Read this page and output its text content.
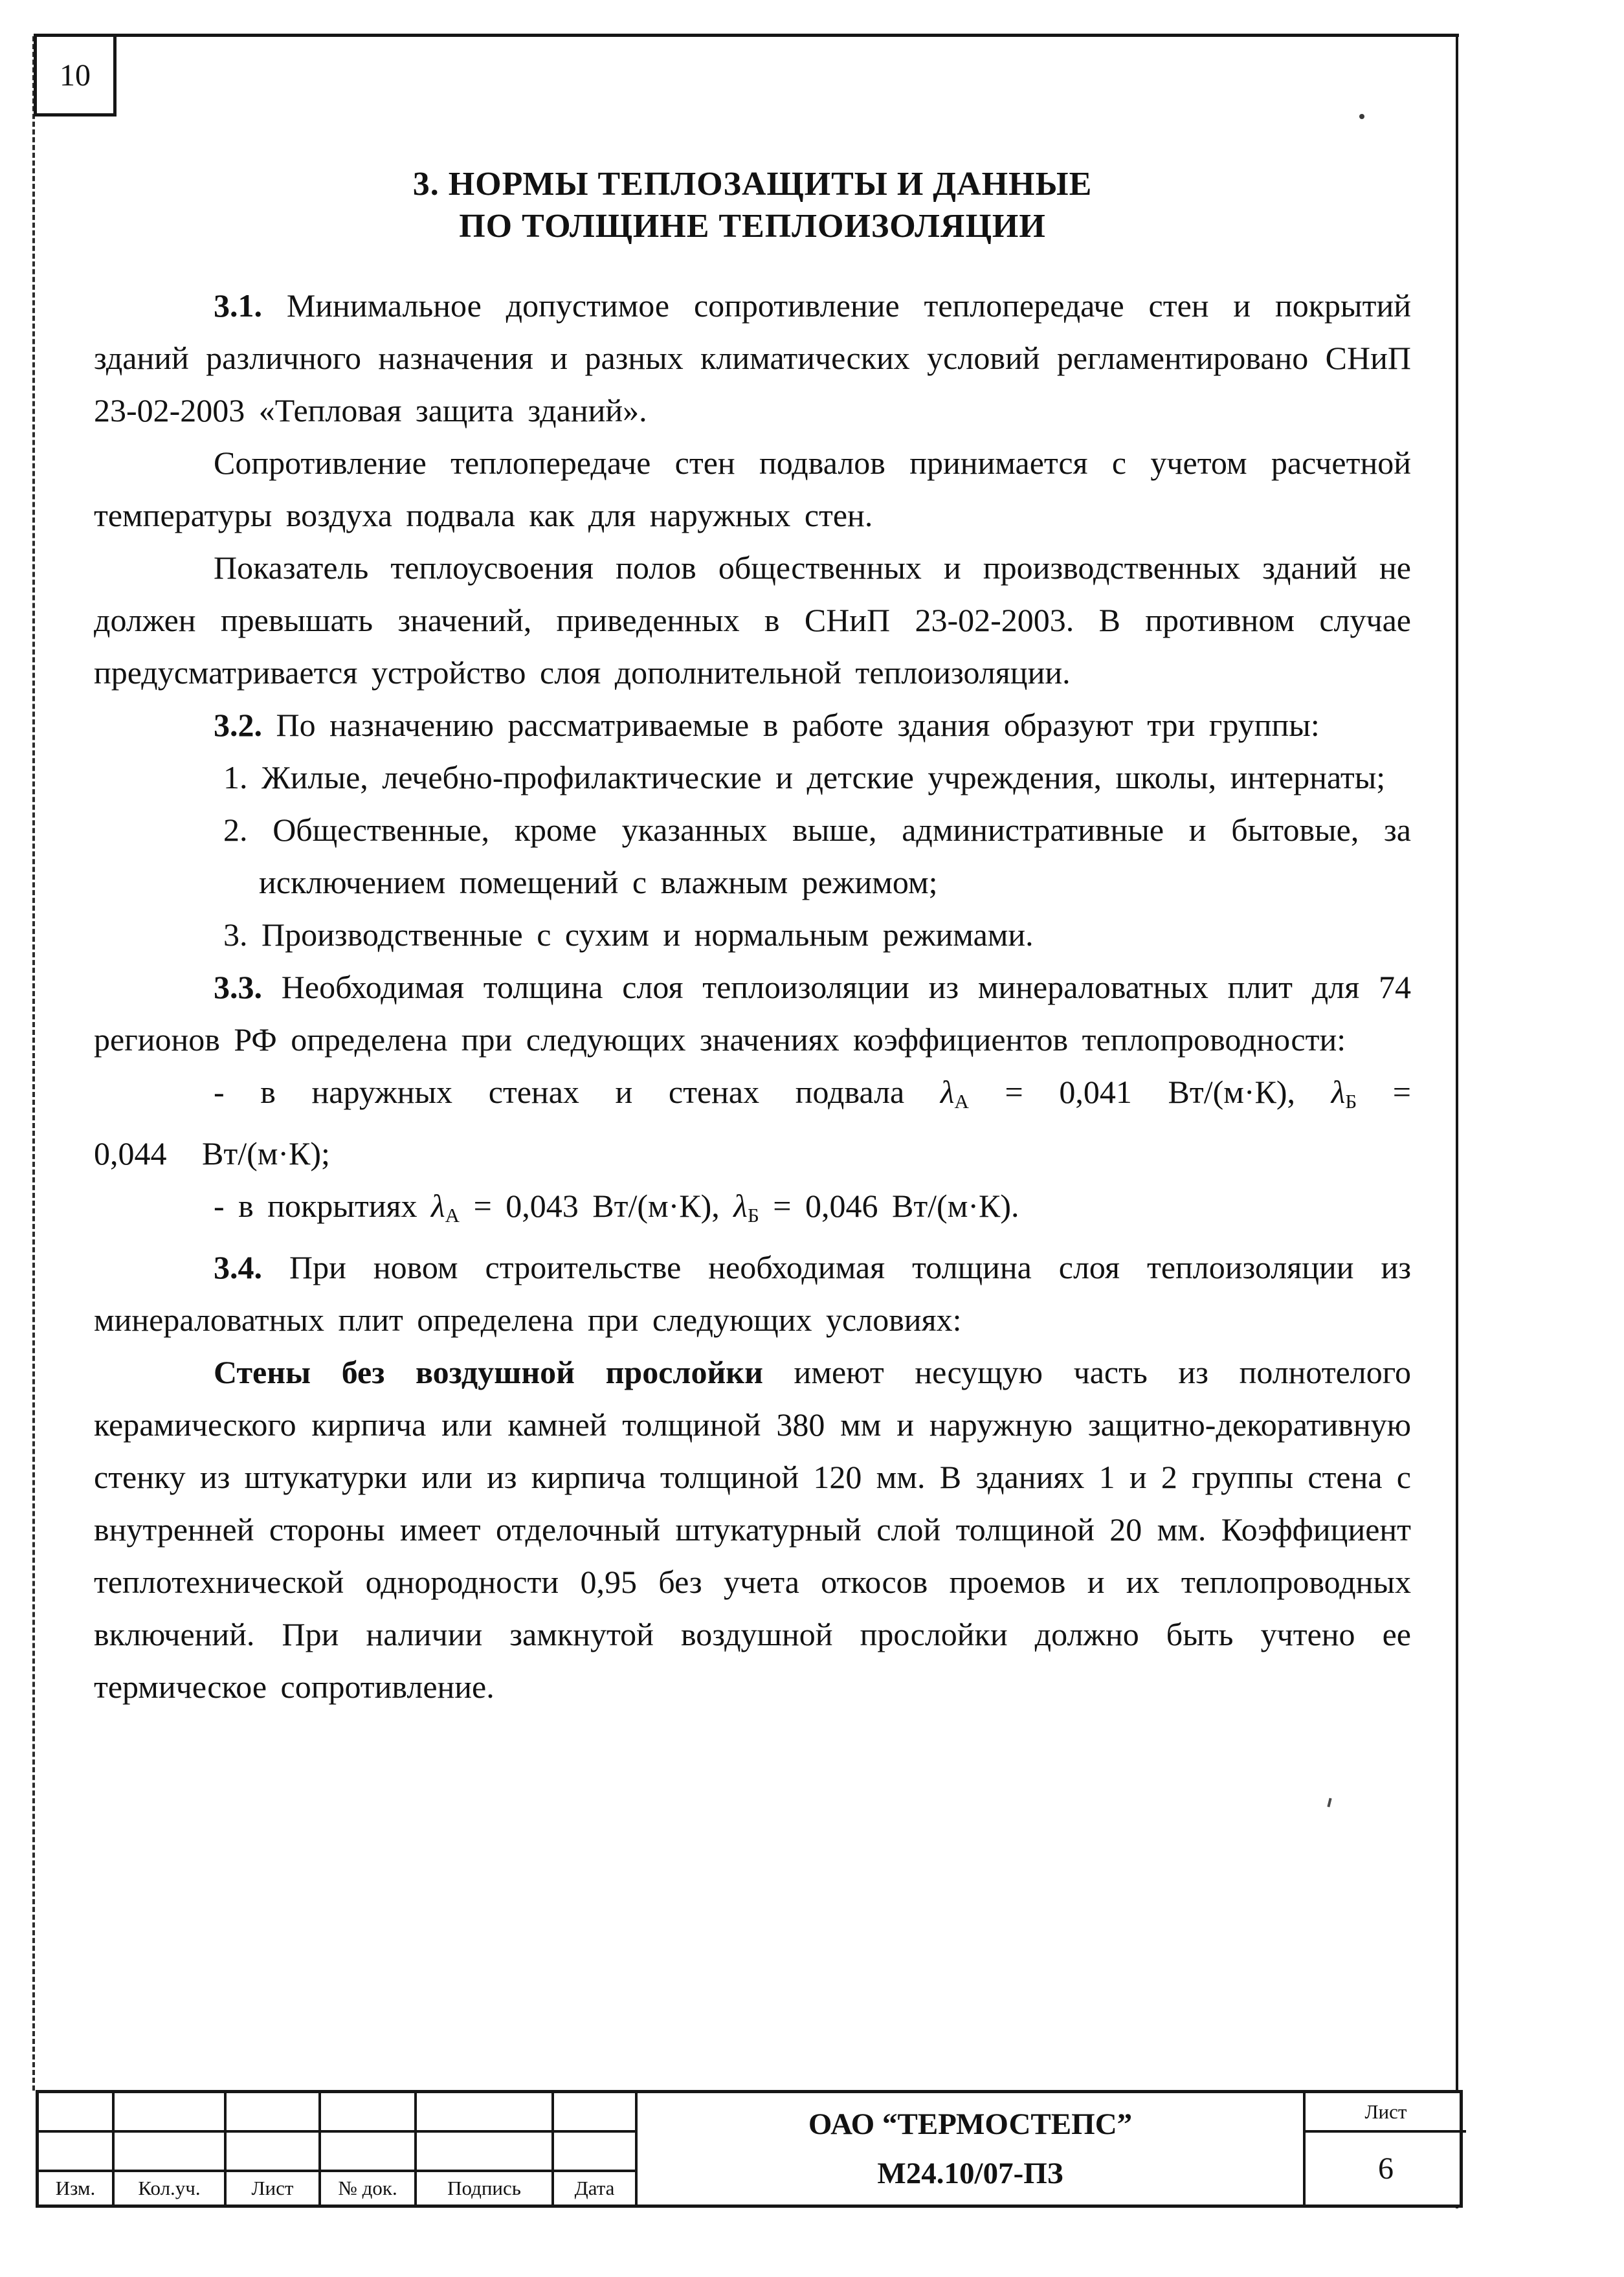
10
3. НОРМЫ ТЕПЛОЗАЩИТЫ И ДАННЫЕ
ПО ТОЛЩИНЕ ТЕПЛОИЗОЛЯЦИИ

3.1. Минимальное допустимое сопротивление теплопередаче стен и покрытий зданий различного назначения и разных климатических условий регламентировано СНиП 23-02-2003 «Тепловая защита зданий».

Сопротивление теплопередаче стен подвалов принимается с учетом расчетной температуры воздуха подвала как для наружных стен.

Показатель теплоусвоения полов общественных и производственных зданий не должен превышать значений, приведенных в СНиП 23-02-2003. В противном случае предусматривается устройство слоя дополнительной теплоизоляции.

3.2. По назначению рассматриваемые в работе здания образуют три группы:

1. Жилые, лечебно-профилактические и детские учреждения, школы, интернаты;

2. Общественные, кроме указанных выше, административные и бытовые, за исключением помещений с влажным режимом;

3. Производственные с сухим и нормальным режимами.

3.3. Необходимая толщина слоя теплоизоляции из минераловатных плит для 74 регионов РФ определена при следующих значениях коэффициентов теплопроводности:

- в наружных стенах и стенах подвала $\lambda_А = 0,041$ Вт/(м·К), $\lambda_Б = 0,044$ Вт/(м·К);

- в покрытиях $\lambda_А = 0,043$ Вт/(м·К), $\lambda_Б = 0,046$ Вт/(м·К).

3.4. При новом строительстве необходимая толщина слоя теплоизоляции из минераловатных плит определена при следующих условиях:

Стены без воздушной прослойки имеют несущую часть из полнотелого керамического кирпича или камней толщиной 380 мм и наружную защитно-декоративную стенку из штукатурки или из кирпича толщиной 120 мм. В зданиях 1 и 2 группы стена с внутренней стороны имеет отделочный штукатурный слой толщиной 20 мм. Коэффициент теплотехнической однородности 0,95 без учета откосов проемов и их теплопроводных включений. При наличии замкнутой воздушной прослойки должно быть учтено ее термическое сопротивление.

Изм.	Кол.уч.	Лист	№ док.	Подпись	Дата
ОАО “ТЕРМОСТЕПС”
М24.10/07-ПЗ
Лист
6
